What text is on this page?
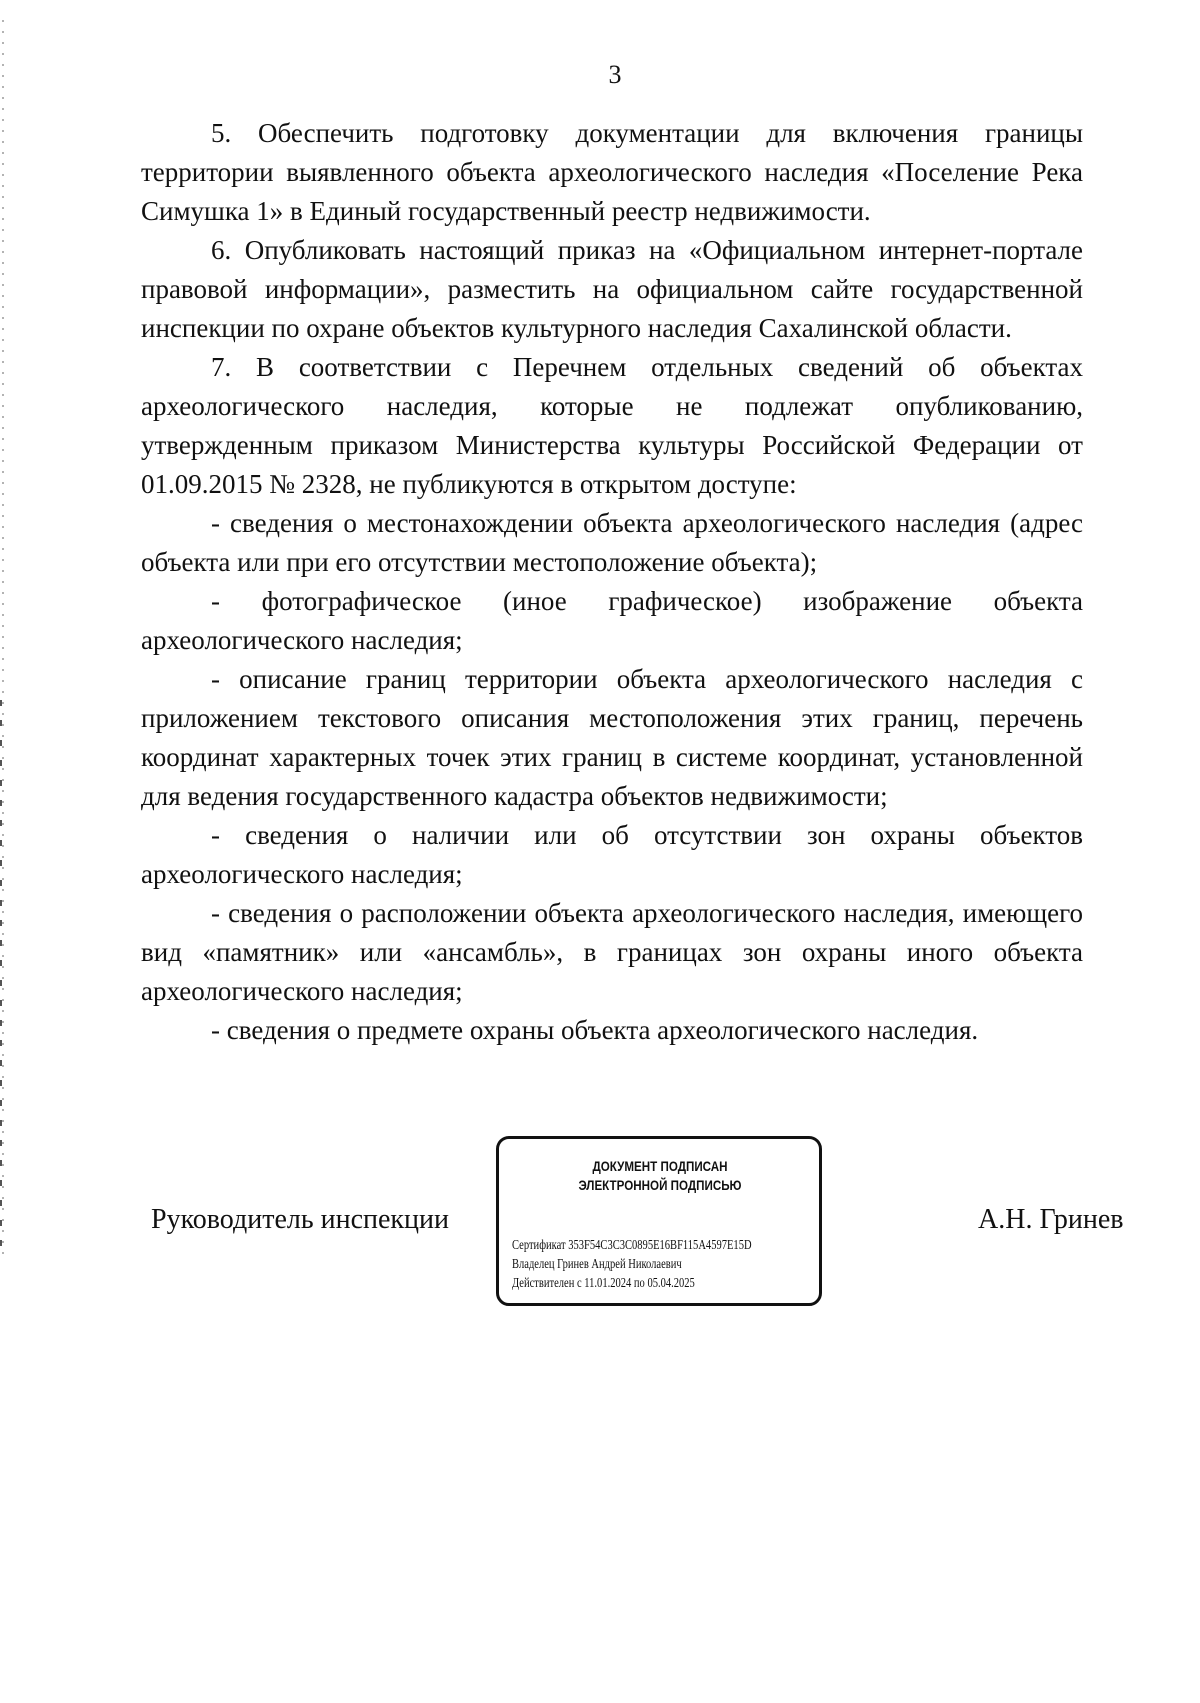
3

5. Обеспечить подготовку документации для включения границы территории выявленного объекта археологического наследия «Поселение Река Симушка 1» в Единый государственный реестр недвижимости.

6. Опубликовать настоящий приказ на «Официальном интернет-портале правовой информации», разместить на официальном сайте государственной инспекции по охране объектов культурного наследия Сахалинской области.

7. В соответствии с Перечнем отдельных сведений об объектах археологического наследия, которые не подлежат опубликованию, утвержденным приказом Министерства культуры Российской Федерации от 01.09.2015 № 2328, не публикуются в открытом доступе:

- сведения о местонахождении объекта археологического наследия (адрес объекта или при его отсутствии местоположение объекта);

- фотографическое (иное графическое) изображение объекта археологического наследия;

- описание границ территории объекта археологического наследия с приложением текстового описания местоположения этих границ, перечень координат характерных точек этих границ в системе координат, установленной для ведения государственного кадастра объектов недвижимости;

- сведения о наличии или об отсутствии зон охраны объектов археологического наследия;

- сведения о расположении объекта археологического наследия, имеющего вид «памятник» или «ансамбль», в границах зон охраны иного объекта археологического наследия;

- сведения о предмете охраны объекта археологического наследия.

Руководитель инспекции
ДОКУМЕНТ ПОДПИСАН
ЭЛЕКТРОННОЙ ПОДПИСЬЮ
Сертификат 353F54C3C3C0895E16BF115A4597E15D
Владелец Гринев Андрей Николаевич
Действителен с 11.01.2024 по 05.04.2025
А.Н. Гринев
